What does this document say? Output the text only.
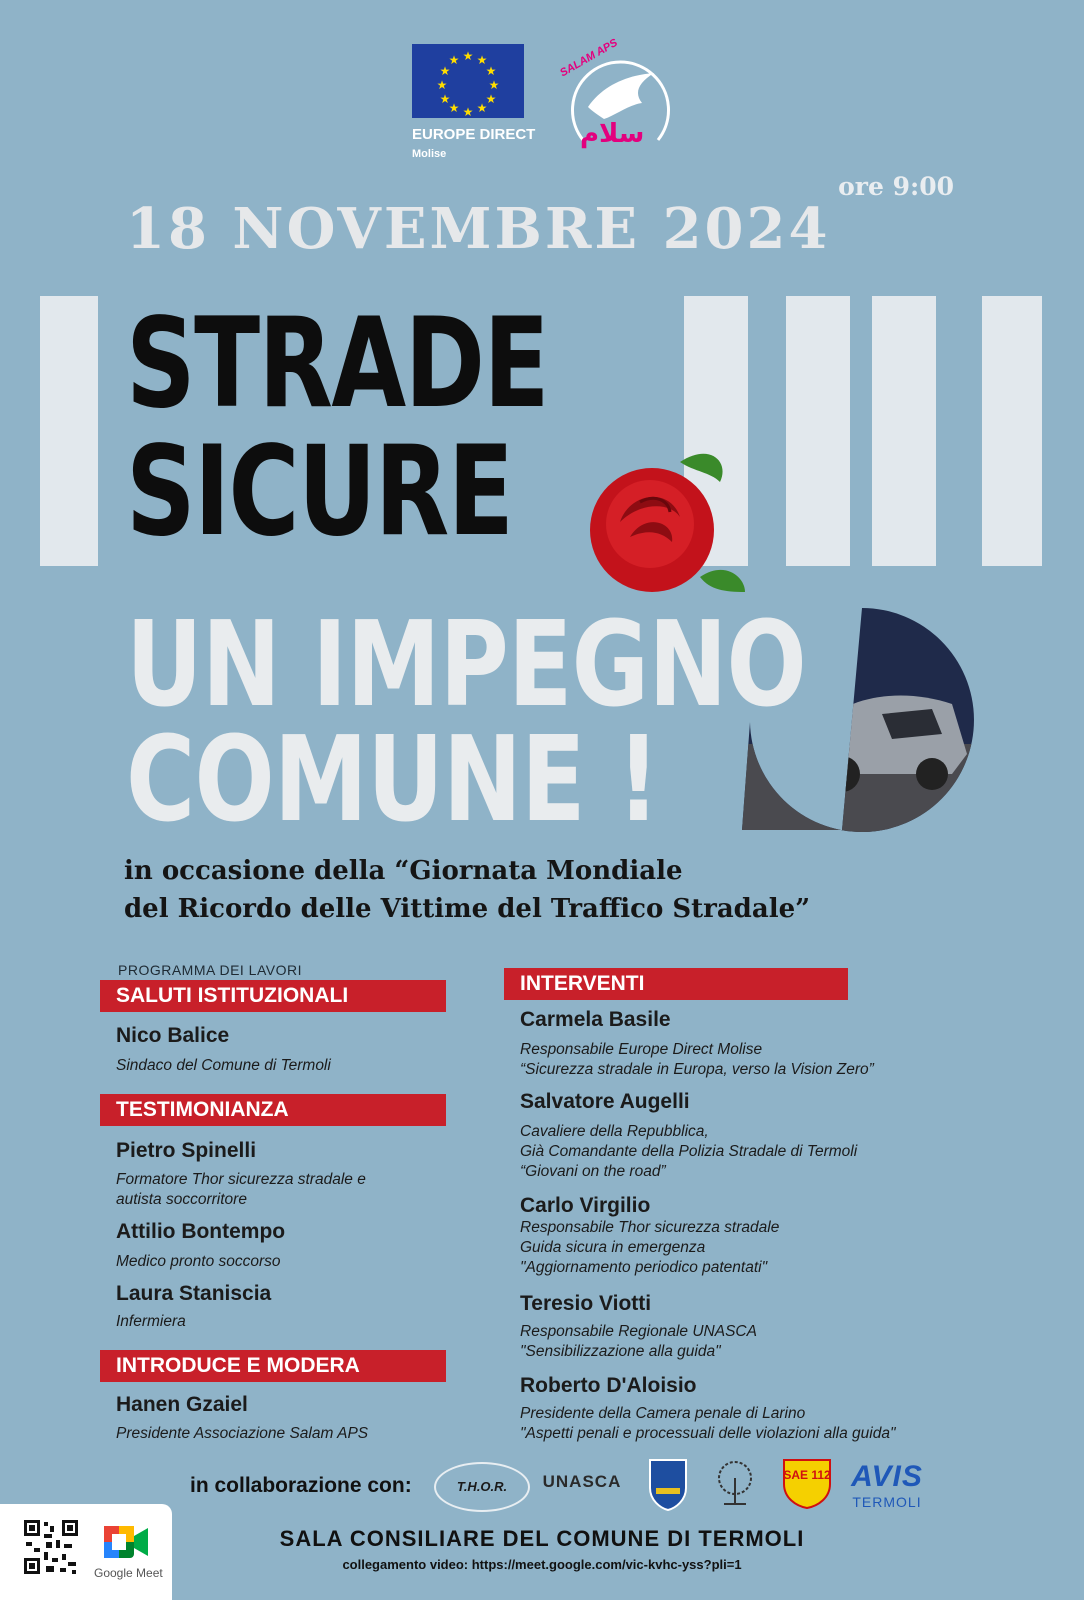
★ ★
★
★
★
★
★
★
★
★
★
★
EUROPE DIRECT
Molise
SALAM APS
سلام
ore 9:00
18 NOVEMBRE 2024
STRADE
SICURE
UN IMPEGNO
COMUNE !
in occasione della “Giornata Mondiale
del Ricordo delle Vittime del Traffico Stradale”
PROGRAMMA DEI LAVORI
SALUTI ISTITUZIONALI
Nico Balice
Sindaco del Comune di Termoli
TESTIMONIANZA
Pietro Spinelli
Formatore Thor sicurezza stradale e
autista soccorritore
Attilio Bontempo
Medico pronto soccorso
Laura Staniscia
Infermiera
INTRODUCE E MODERA
Hanen Gzaiel
Presidente Associazione Salam APS
INTERVENTI
Carmela Basile
Responsabile Europe Direct Molise
“Sicurezza stradale in Europa, verso la Vision Zero”
Salvatore Augelli
Cavaliere della Repubblica,
Già Comandante della Polizia Stradale di Termoli
“Giovani on the road”
Carlo Virgilio
Responsabile Thor sicurezza stradale
Guida sicura in emergenza
"Aggiornamento periodico patentati"
Teresio Viotti
Responsabile Regionale UNASCA
"Sensibilizzazione alla guida"
Roberto D'Aloisio
Presidente della Camera penale di Larino
"Aspetti penali e processuali delle violazioni alla guida"
in collaborazione con:	T.H.O.R.	UNASCA	SAE 112 AVIS
TERMOLI
Google Meet
SALA CONSILIARE DEL COMUNE DI TERMOLI
collegamento video: https://meet.google.com/vic-kvhc-yss?pli=1
